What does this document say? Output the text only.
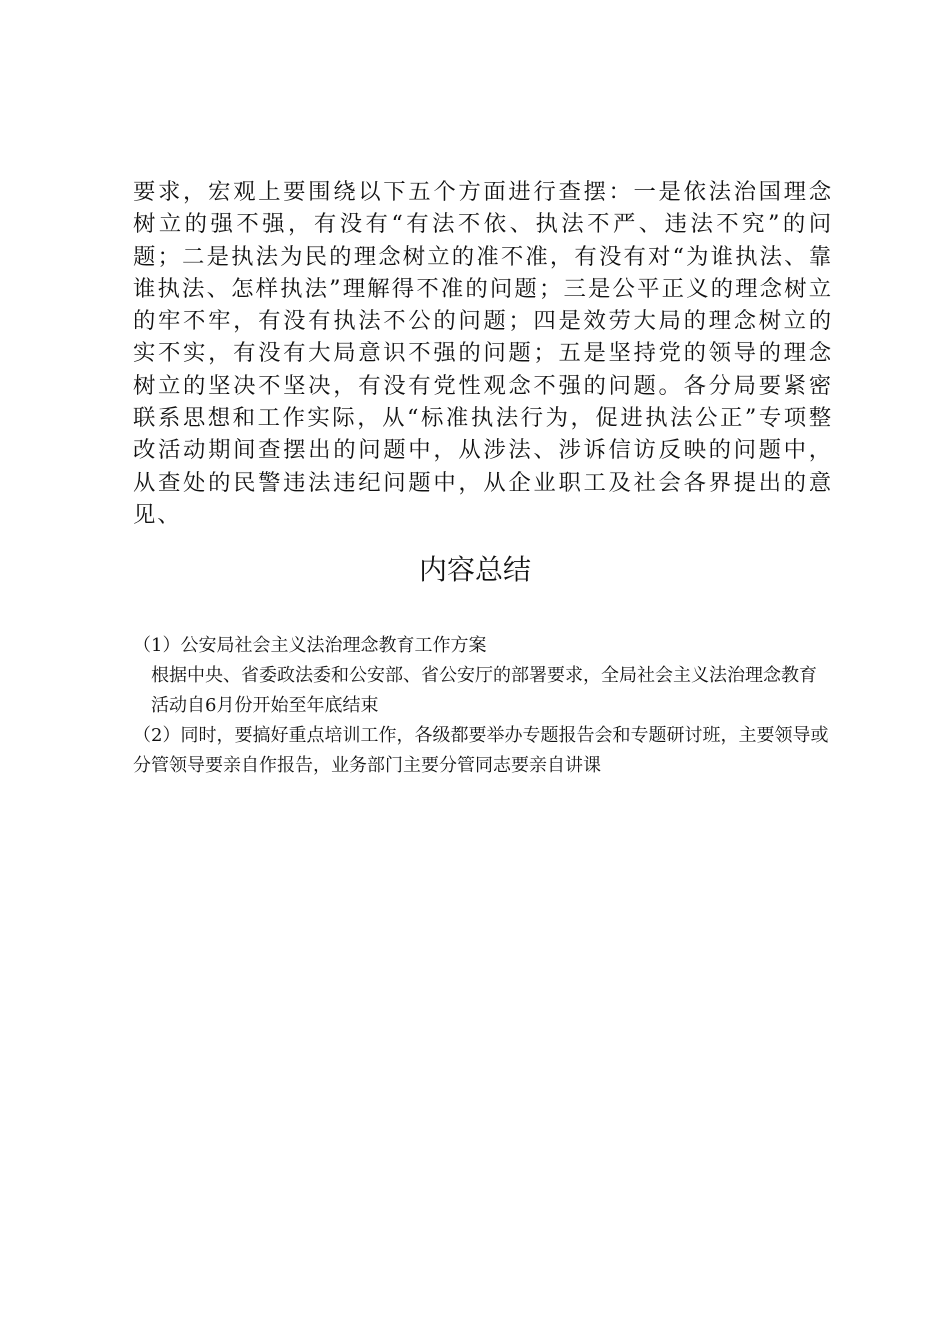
要求，宏观上要围绕以下五个方面进行查摆：一是依法治国理念树立的强不强，有没有“有法不依、执法不严、违法不究”的问题；二是执法为民的理念树立的准不准，有没有对“为谁执法、靠谁执法、怎样执法”理解得不准的问题；三是公平正义的理念树立的牢不牢，有没有执法不公的问题；四是效劳大局的理念树立的实不实，有没有大局意识不强的问题；五是坚持党的领导的理念树立的坚决不坚决，有没有党性观念不强的问题。各分局要紧密联系思想和工作实际，从“标准执法行为，促进执法公正”专项整改活动期间查摆出的问题中，从涉法、涉诉信访反映的问题中，从查处的民警违法违纪问题中，从企业职工及社会各界提出的意见、

内容总结
（1）公安局社会主义法治理念教育工作方案
根据中央、省委政法委和公安部、省公安厅的部署要求，全局社会主义法治理念教育活动自6月份开始至年底结束
（2）同时，要搞好重点培训工作，各级都要举办专题报告会和专题研讨班，主要领导或分管领导要亲自作报告，业务部门主要分管同志要亲自讲课
